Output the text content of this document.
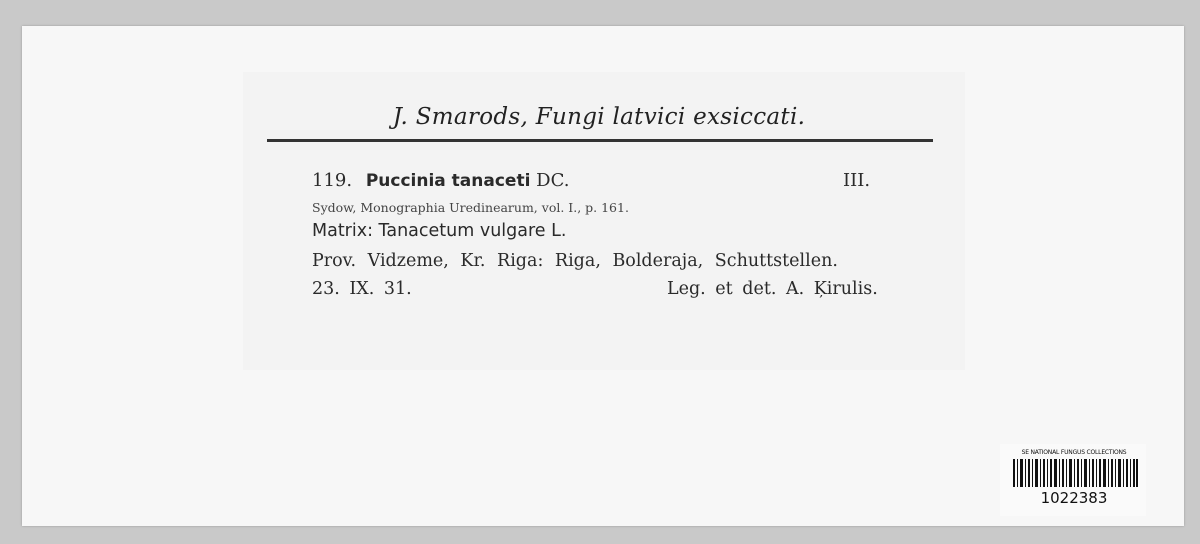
J. Smarods, Fungi latvici exsiccati.
119. Puccinia tanaceti DC.	III.
Sydow, Monographia Uredinearum, vol. I., p. 161.
Matrix: Tanacetum vulgare L.
Prov. Vidzeme, Kr. Riga: Riga, Bolderaja, Schuttstellen.
23. IX. 31.	Leg. et det. A. Ķirulis.
SE NATIONAL FUNGUS COLLECTIONS
1022383
